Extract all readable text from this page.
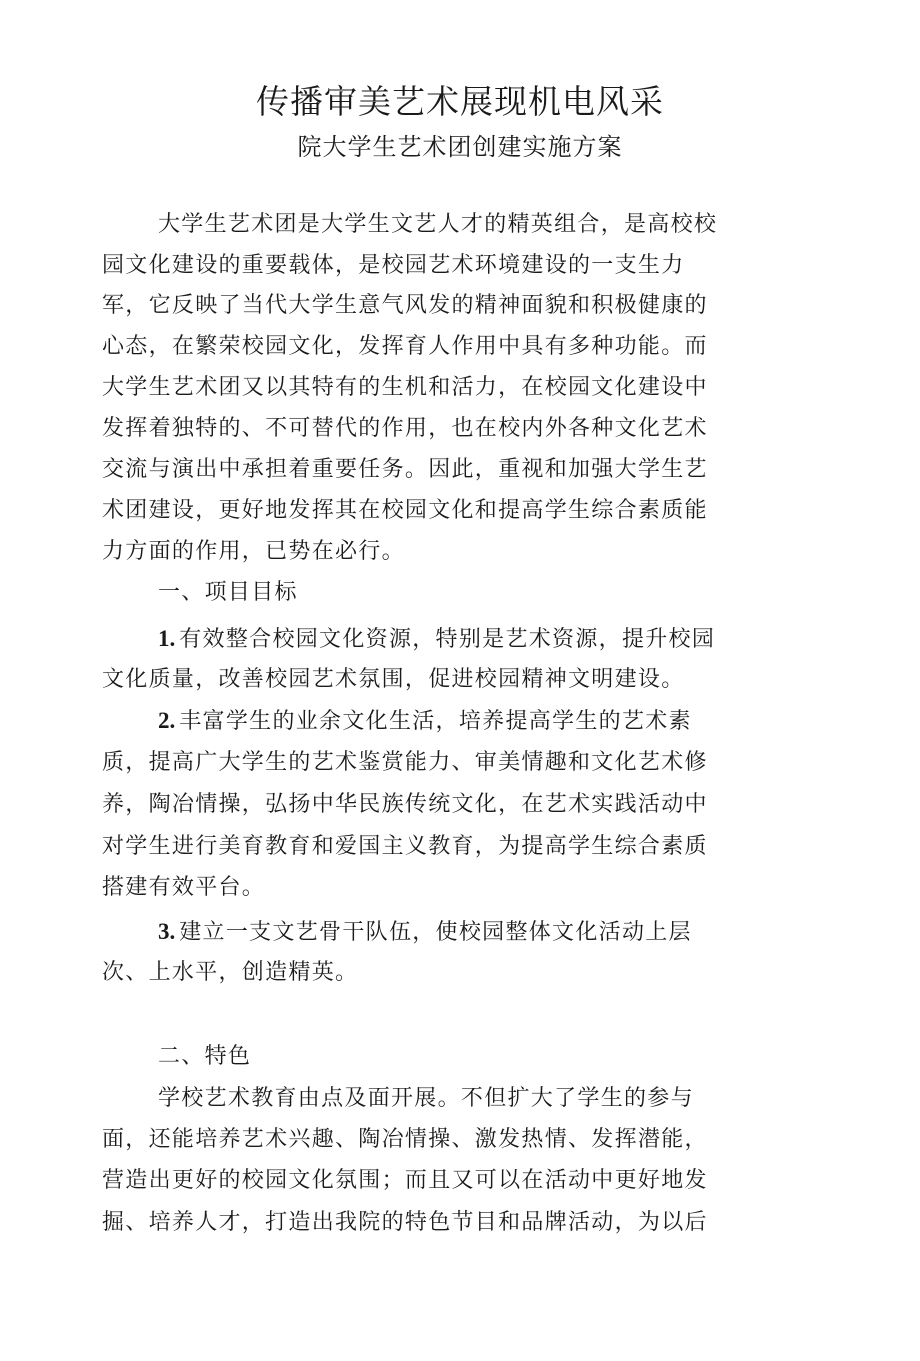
传播审美艺术展现机电风采
院大学生艺术团创建实施方案
大学生艺术团是大学生文艺人才的精英组合，是高校校
园文化建设的重要载体，是校园艺术环境建设的一支生力
军，它反映了当代大学生意气风发的精神面貌和积极健康的
心态，在繁荣校园文化，发挥育人作用中具有多种功能。而
大学生艺术团又以其特有的生机和活力，在校园文化建设中
发挥着独特的、不可替代的作用，也在校内外各种文化艺术
交流与演出中承担着重要任务。因此，重视和加强大学生艺
术团建设，更好地发挥其在校园文化和提高学生综合素质能
力方面的作用，已势在必行。
一、项目目标
1. 有效整合校园文化资源，特别是艺术资源，提升校园
文化质量，改善校园艺术氛围，促进校园精神文明建设。
2. 丰富学生的业余文化生活，培养提高学生的艺术素
质，提高广大学生的艺术鉴赏能力、审美情趣和文化艺术修
养，陶冶情操，弘扬中华民族传统文化，在艺术实践活动中
对学生进行美育教育和爱国主义教育，为提高学生综合素质
搭建有效平台。
3. 建立一支文艺骨干队伍，使校园整体文化活动上层
次、上水平，创造精英。
二、特色
学校艺术教育由点及面开展。不但扩大了学生的参与
面，还能培养艺术兴趣、陶冶情操、激发热情、发挥潜能，
营造出更好的校园文化氛围；而且又可以在活动中更好地发
掘、培养人才，打造出我院的特色节目和品牌活动，为以后
